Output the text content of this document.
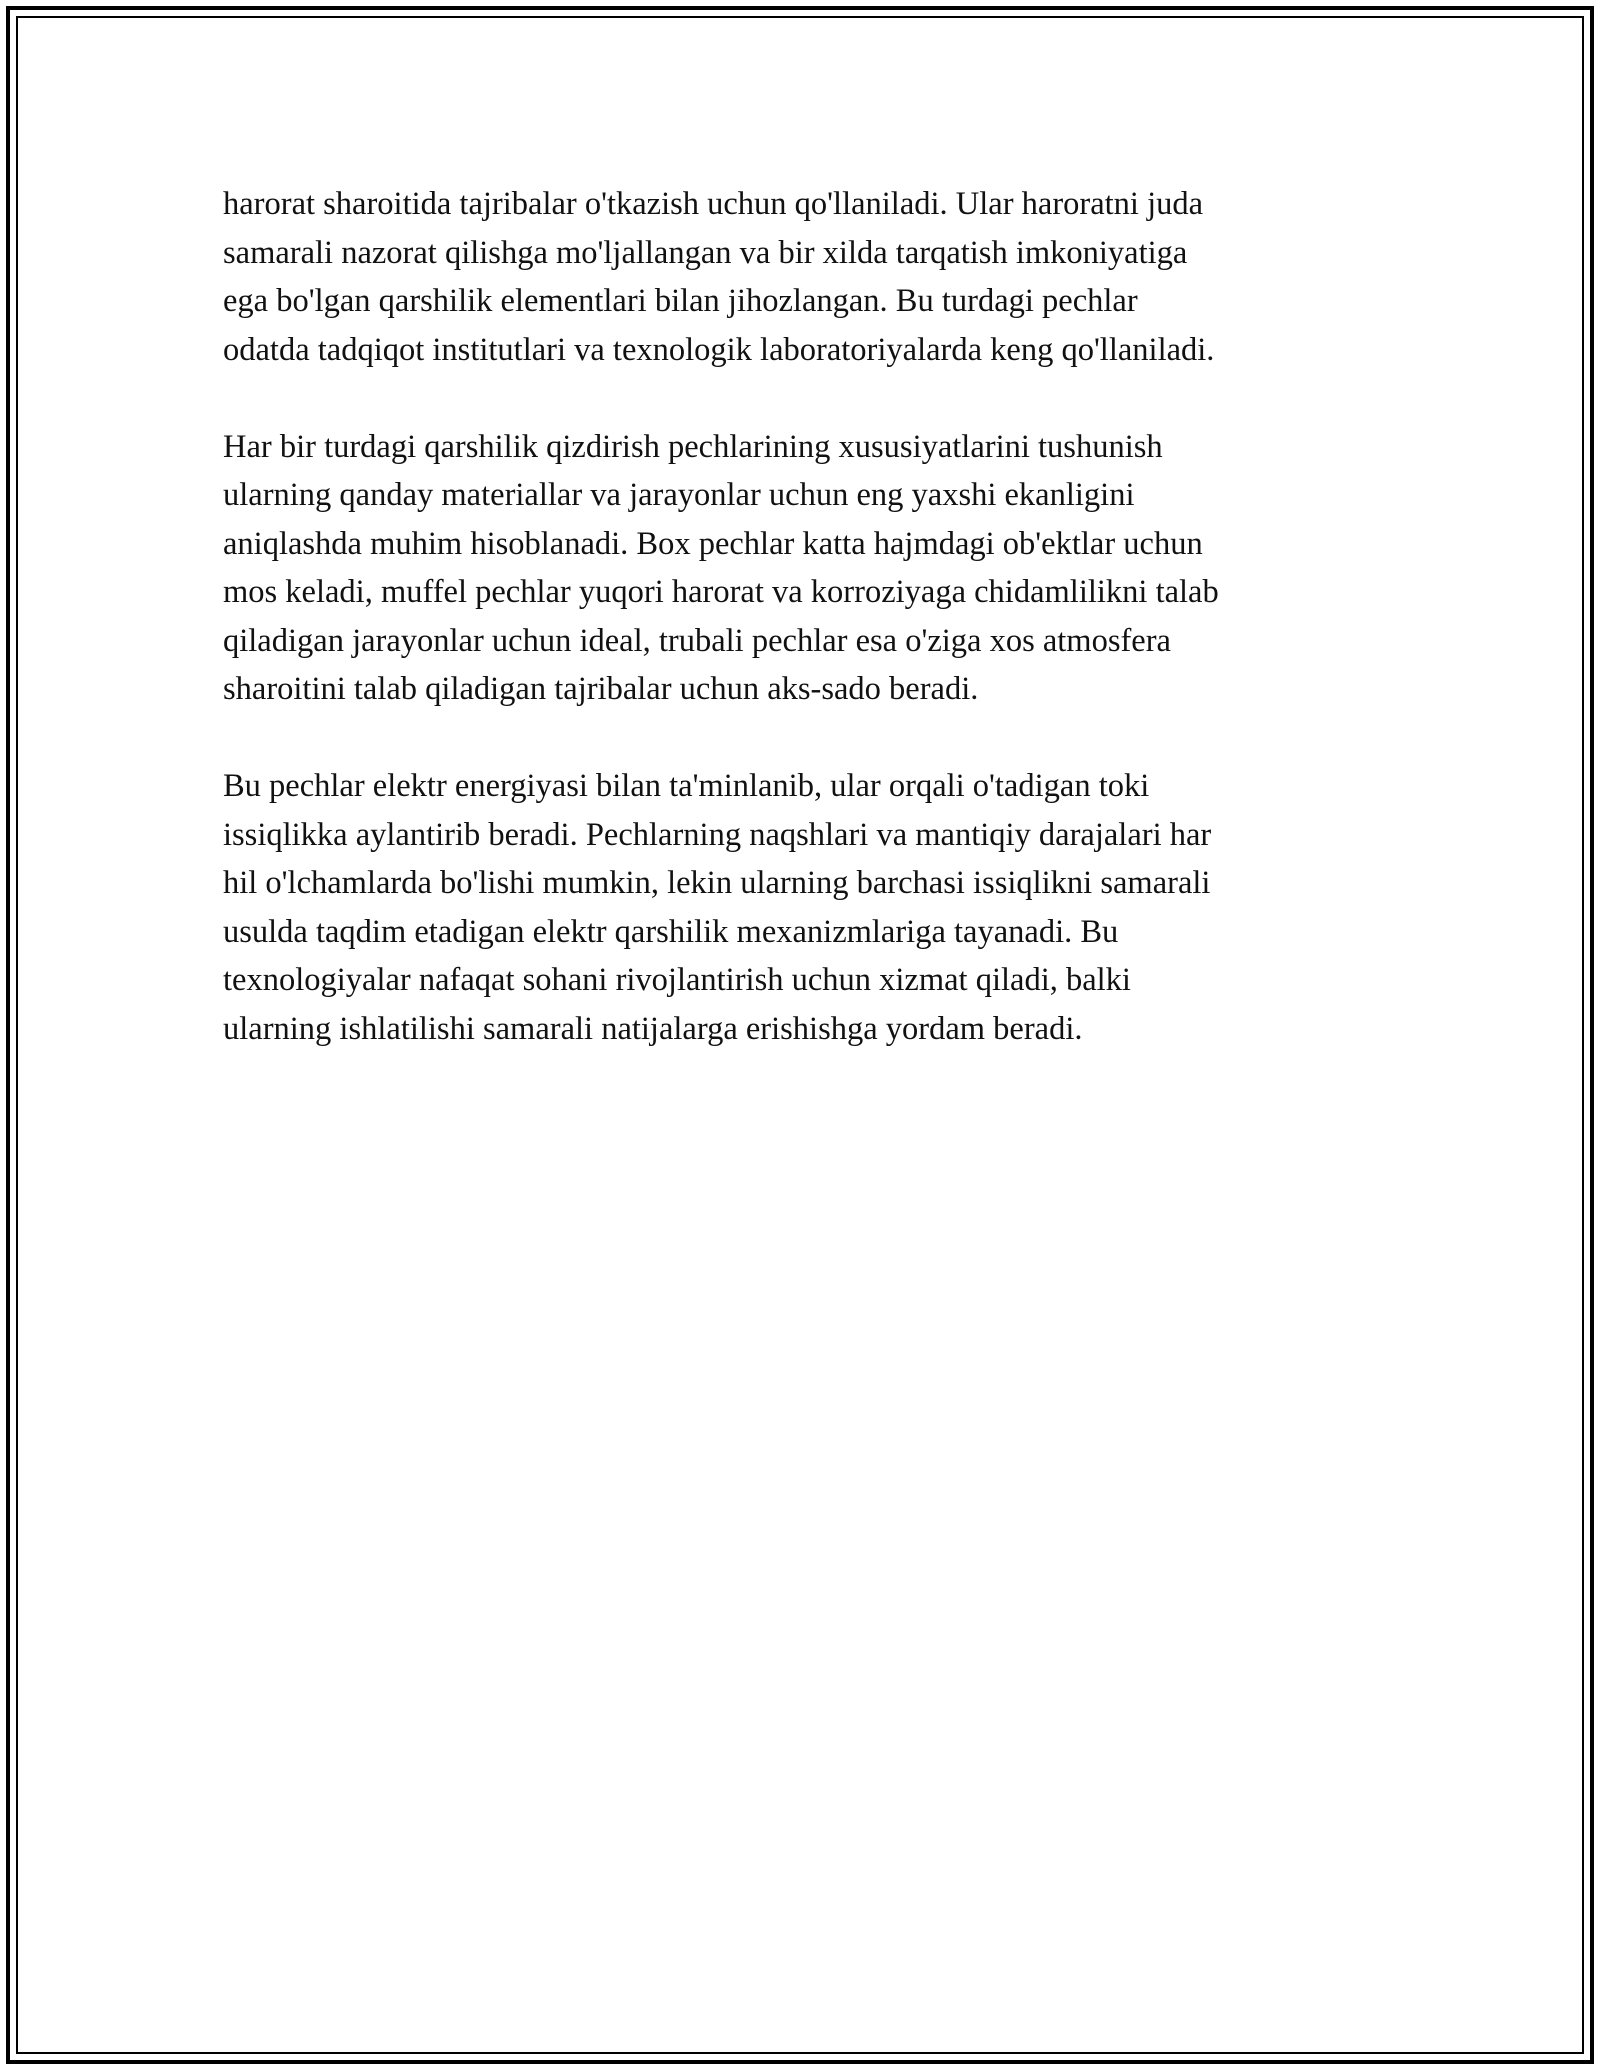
harorat sharoitida tajribalar o'tkazish uchun qo'llaniladi. Ular haroratni juda
samarali nazorat qilishga mo'ljallangan va bir xilda tarqatish imkoniyatiga
ega bo'lgan qarshilik elementlari bilan jihozlangan. Bu turdagi pechlar
odatda tadqiqot institutlari va texnologik laboratoriyalarda keng qo'llaniladi.

Har bir turdagi qarshilik qizdirish pechlarining xususiyatlarini tushunish
ularning qanday materiallar va jarayonlar uchun eng yaxshi ekanligini
aniqlashda muhim hisoblanadi. Box pechlar katta hajmdagi ob'ektlar uchun
mos keladi, muffel pechlar yuqori harorat va korroziyaga chidamlilikni talab
qiladigan jarayonlar uchun ideal, trubali pechlar esa o'ziga xos atmosfera
sharoitini talab qiladigan tajribalar uchun aks-sado beradi.

Bu pechlar elektr energiyasi bilan ta'minlanib, ular orqali o'tadigan toki
issiqlikka aylantirib beradi. Pechlarning naqshlari va mantiqiy darajalari har
hil o'lchamlarda bo'lishi mumkin, lekin ularning barchasi issiqlikni samarali
usulda taqdim etadigan elektr qarshilik mexanizmlariga tayanadi. Bu
texnologiyalar nafaqat sohani rivojlantirish uchun xizmat qiladi, balki
ularning ishlatilishi samarali natijalarga erishishga yordam beradi.
